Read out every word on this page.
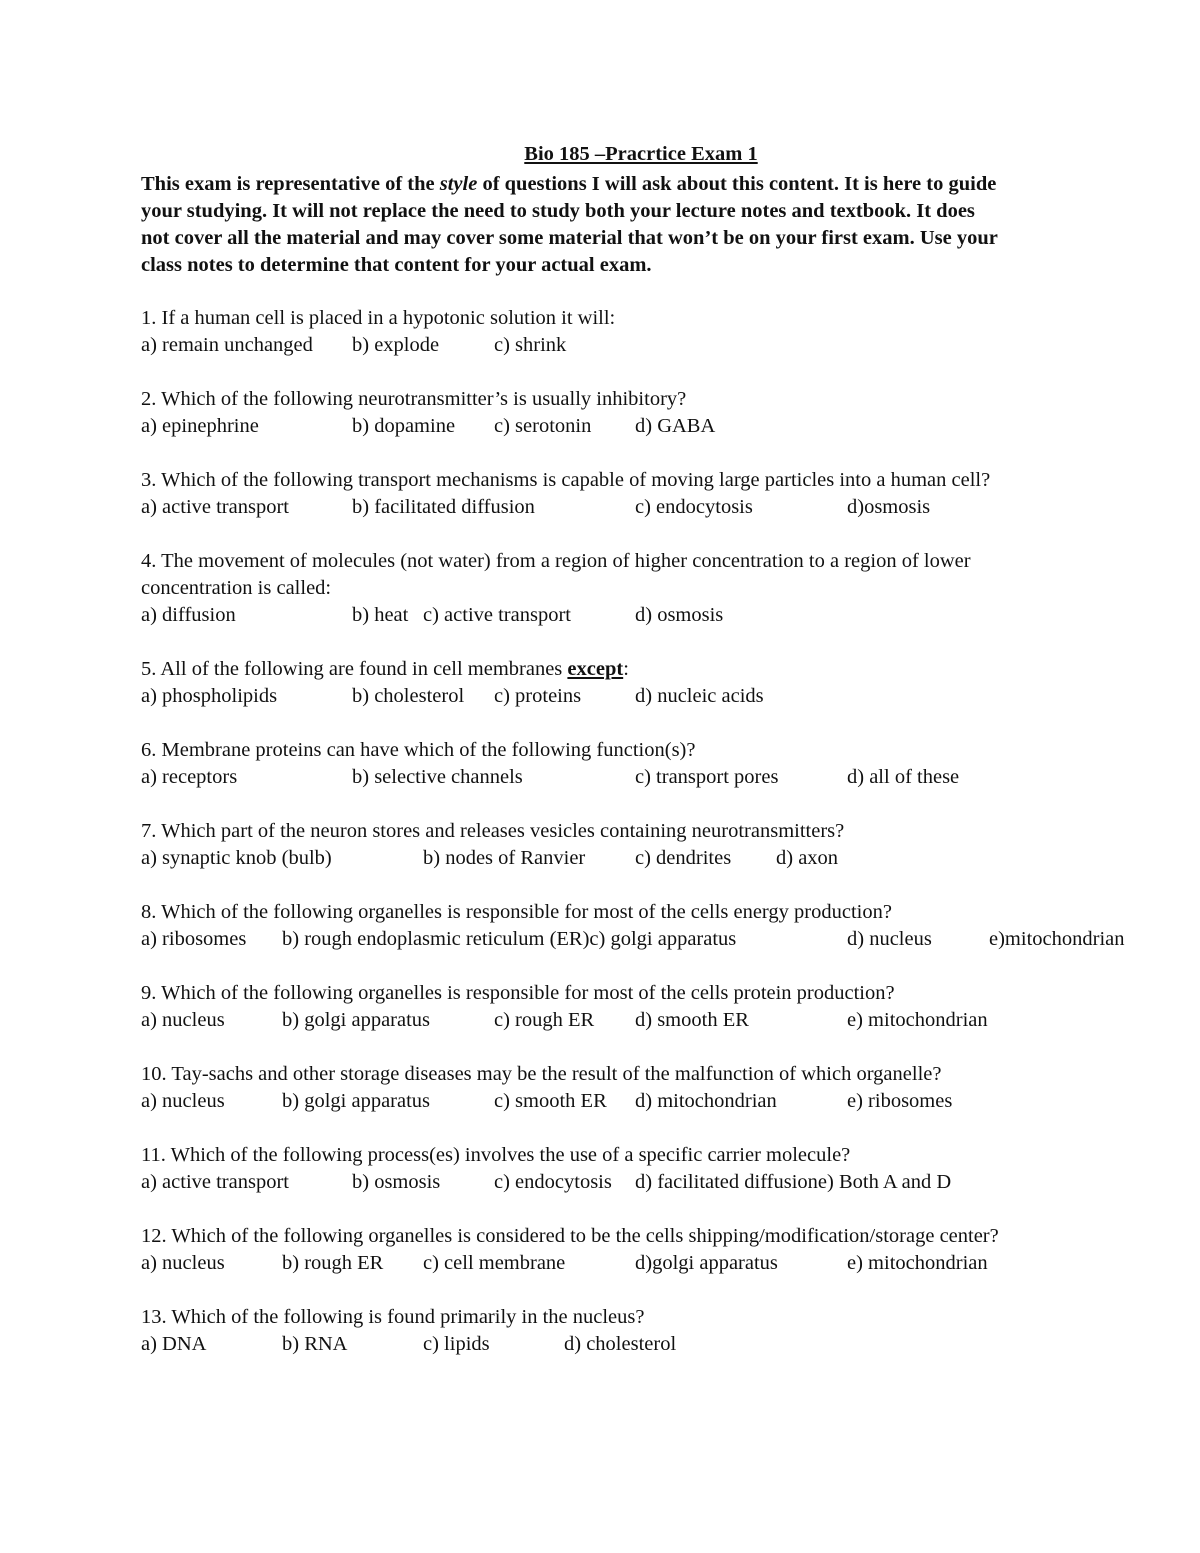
Bio 185 –Pracrtice Exam 1
This exam is representative of the style of questions I will ask about this content. It is here to guide
your studying. It will not replace the need to study both your lecture notes and textbook. It does
not cover all the material and may cover some material that won’t be on your first exam. Use your
class notes to determine that content for your actual exam.
1. If a human cell is placed in a hypotonic solution it will:
a) remain unchanged b) explode	c) shrink
2. Which of the following neurotransmitter’s is usually inhibitory?
a) epinephrine	b) dopamine c) serotonin d) GABA
3. Which of the following transport mechanisms is capable of moving large particles into a human cell?
a) active transport	b) facilitated diffusion	c) endocytosis	d)osmosis
4. The movement of molecules (not water) from a region of higher concentration to a region of lower
concentration is called:
a) diffusion	b) heat c) active transport	d) osmosis
5. All of the following are found in cell membranes except:
a) phospholipids	b) cholesterol c) proteins	d) nucleic acids
6. Membrane proteins can have which of the following function(s)?
a) receptors	b) selective channels	c) transport pores	d) all of these
7. Which part of the neuron stores and releases vesicles containing neurotransmitters?
a) synaptic knob (bulb)	b) nodes of Ranvier c) dendrites d) axon
8. Which of the following organelles is responsible for most of the cells energy production?
a) ribosomes b) rough endoplasmic reticulum (ER)c) golgi apparatus	d) nucleus	e)mitochondrian
9. Which of the following organelles is responsible for most of the cells protein production?
a) nucleus	b) golgi apparatus	c) rough ER d) smooth ER	e) mitochondrian
10. Tay-sachs and other storage diseases may be the result of the malfunction of which organelle?
a) nucleus	b) golgi apparatus	c) smooth ER d) mitochondrian	e) ribosomes
11. Which of the following process(es) involves the use of a specific carrier molecule?
a) active transport	b) osmosis	c) endocytosis d) facilitated diffusione) Both A and D
12. Which of the following organelles is considered to be the cells shipping/modification/storage center?
a) nucleus	b) rough ER c) cell membrane	d)golgi apparatus	e) mitochondrian
13. Which of the following is found primarily in the nucleus?
a) DNA	b) RNA	c) lipids	d) cholesterol
